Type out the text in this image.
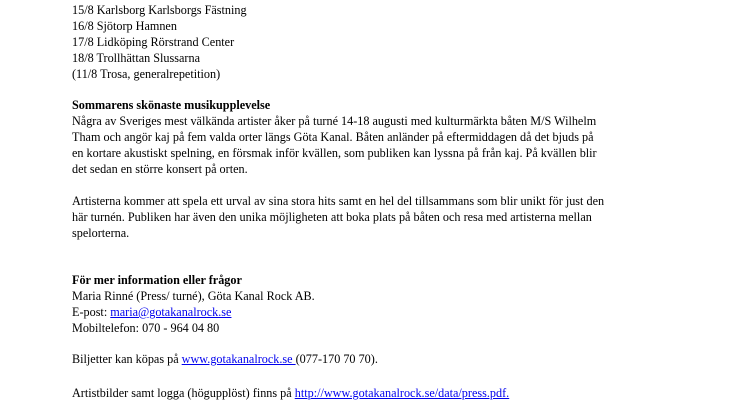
15/8 Karlsborg Karlsborgs Fästning
16/8 Sjötorp Hamnen
17/8 Lidköping Rörstrand Center
18/8 Trollhättan Slussarna
(11/8 Trosa, generalrepetition)
Sommarens skönaste musikupplevelse
Några av Sveriges mest välkända artister åker på turné 14-18 augusti med kulturmärkta båten M/S Wilhelm
Tham och angör kaj på fem valda orter längs Göta Kanal. Båten anländer på eftermiddagen då det bjuds på
en kortare akustiskt spelning, en försmak inför kvällen, som publiken kan lyssna på från kaj. På kvällen blir
det sedan en större konsert på orten.
Artisterna kommer att spela ett urval av sina stora hits samt en hel del tillsammans som blir unikt för just den
här turnén. Publiken har även den unika möjligheten att boka plats på båten och resa med artisterna mellan
spelorterna.
För mer information eller frågor
Maria Rinné (Press/ turné), Göta Kanal Rock AB.
E-post: maria@gotakanalrock.se
Mobiltelefon: 070 - 964 04 80
Biljetter kan köpas på www.gotakanalrock.se (077-170 70 70).
Artistbilder samt logga (högupplöst) finns på http://www.gotakanalrock.se/data/press.pdf.
